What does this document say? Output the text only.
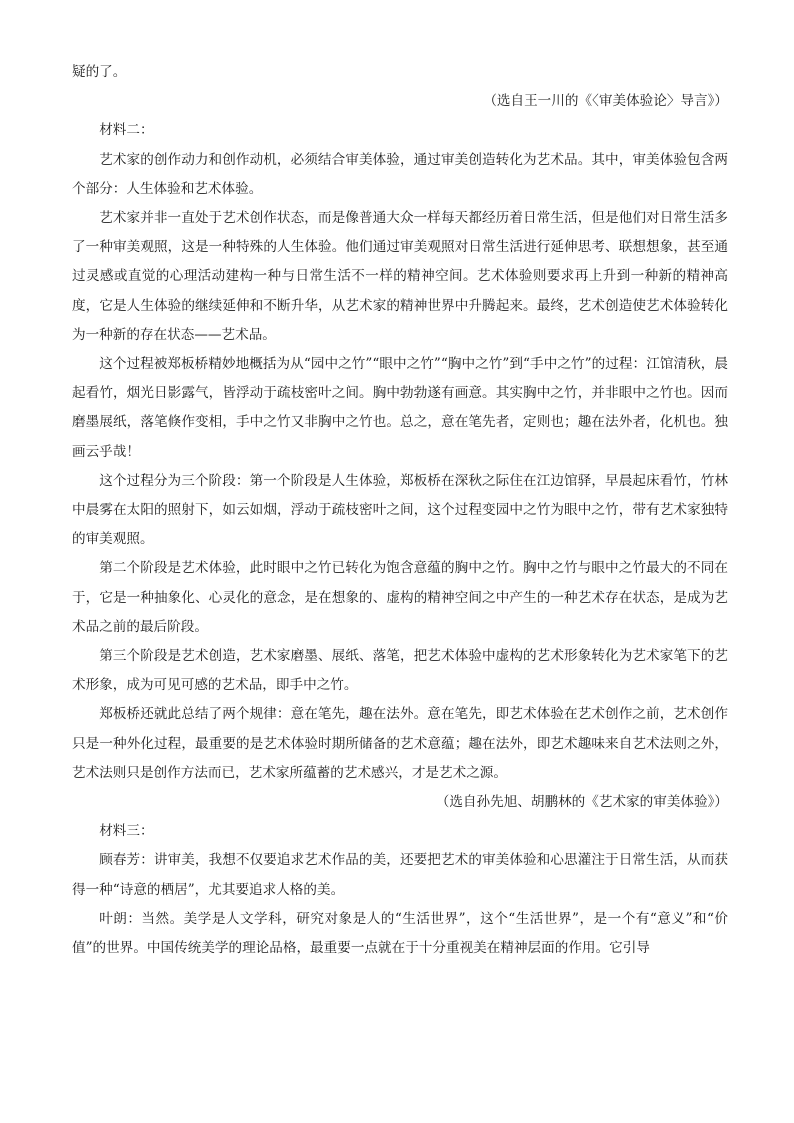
疑的了。

（选自王一川的《〈审美体验论〉导言》）

材料二：

艺术家的创作动力和创作动机，必须结合审美体验，通过审美创造转化为艺术品。其中，审美体验包含两个部分：人生体验和艺术体验。

艺术家并非一直处于艺术创作状态，而是像普通大众一样每天都经历着日常生活，但是他们对日常生活多了一种审美观照，这是一种特殊的人生体验。他们通过审美观照对日常生活进行延伸思考、联想想象，甚至通过灵感或直觉的心理活动建构一种与日常生活不一样的精神空间。艺术体验则要求再上升到一种新的精神高度，它是人生体验的继续延伸和不断升华，从艺术家的精神世界中升腾起来。最终，艺术创造使艺术体验转化为一种新的存在状态——艺术品。

这个过程被郑板桥精妙地概括为从“园中之竹”“眼中之竹”“胸中之竹”到“手中之竹”的过程：江馆清秋，晨起看竹，烟光日影露气，皆浮动于疏枝密叶之间。胸中勃勃遂有画意。其实胸中之竹，并非眼中之竹也。因而磨墨展纸，落笔倏作变相，手中之竹又非胸中之竹也。总之，意在笔先者，定则也；趣在法外者，化机也。独画云乎哉！

这个过程分为三个阶段：第一个阶段是人生体验，郑板桥在深秋之际住在江边馆驿，早晨起床看竹，竹林中晨雾在太阳的照射下，如云如烟，浮动于疏枝密叶之间，这个过程变园中之竹为眼中之竹，带有艺术家独特的审美观照。

第二个阶段是艺术体验，此时眼中之竹已转化为饱含意蕴的胸中之竹。胸中之竹与眼中之竹最大的不同在于，它是一种抽象化、心灵化的意念，是在想象的、虚构的精神空间之中产生的一种艺术存在状态，是成为艺术品之前的最后阶段。

第三个阶段是艺术创造，艺术家磨墨、展纸、落笔，把艺术体验中虚构的艺术形象转化为艺术家笔下的艺术形象，成为可见可感的艺术品，即手中之竹。

郑板桥还就此总结了两个规律：意在笔先，趣在法外。意在笔先，即艺术体验在艺术创作之前，艺术创作只是一种外化过程，最重要的是艺术体验时期所储备的艺术意蕴；趣在法外，即艺术趣味来自艺术法则之外，艺术法则只是创作方法而已，艺术家所蕴蓄的艺术感兴，才是艺术之源。

（选自孙先旭、胡鹏林的《艺术家的审美体验》）

材料三：

顾春芳：讲审美，我想不仅要追求艺术作品的美，还要把艺术的审美体验和心思灌注于日常生活，从而获得一种“诗意的栖居”，尤其要追求人格的美。

叶朗：当然。美学是人文学科，研究对象是人的“生活世界”，这个“生活世界”，是一个有“意义”和“价值”的世界。中国传统美学的理论品格，最重要一点就在于十分重视美在精神层面的作用。它引导
